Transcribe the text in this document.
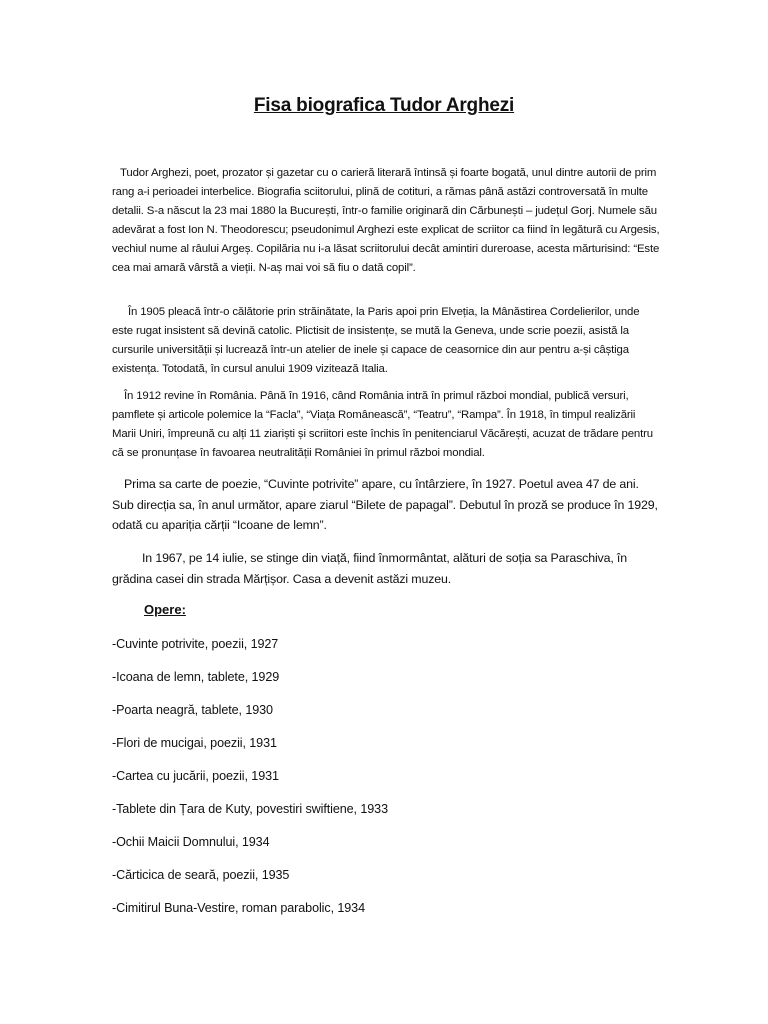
Fisa biografica Tudor Arghezi

Tudor Arghezi, poet, prozator și gazetar cu o carieră literară întinsă și foarte bogată, unul dintre autorii de prim rang a-i perioadei interbelice. Biografia sciitorului, plină de cotituri, a rămas până astăzi controversată în multe detalii. S-a născut la 23 mai 1880 la București, într-o familie originară din Cărbunești – județul Gorj. Numele său adevărat a fost Ion N. Theodorescu; pseudonimul Arghezi este explicat de scriitor ca fiind în legătură cu Argesis, vechiul nume al râului Argeș. Copilăria nu i-a lăsat scriitorului decât amintiri dureroase, acesta mărturisind: “Este cea mai amară vârstă a vieții. N-aș mai voi să fiu o dată copil”.

În 1905 pleacă într-o călătorie prin străinătate, la Paris apoi prin Elveția, la Mânăstirea Cordelierilor, unde este rugat insistent să devină catolic. Plictisit de insistențe, se mută la Geneva, unde scrie poezii, asistă la cursurile universității și lucrează într-un atelier de inele și capace de ceasornice din aur pentru a-și câștiga existența. Totodată, în cursul anului 1909 vizitează Italia.

În 1912 revine în România. Până în 1916, când România intră în primul război mondial, publică versuri, pamflete și articole polemice la “Facla”, “Viața Românească”, “Teatru”, “Rampa”. În 1918, în timpul realizării Marii Uniri, împreună cu alți 11 ziariști și scriitori este închis în penitenciarul Văcărești, acuzat de trădare pentru că se pronunțase în favoarea neutralității României în primul război mondial.

Prima sa carte de poezie, “Cuvinte potrivite” apare, cu întârziere, în 1927. Poetul avea 47 de ani. Sub direcția sa, în anul următor, apare ziarul “Bilete de papagal”. Debutul în proză se produce în 1929, odată cu apariția cărții “Icoane de lemn”.

In 1967, pe 14 iulie, se stinge din viață, fiind înmormântat, alături de soția sa Paraschiva, în grădina casei din strada Mărțișor. Casa a devenit astăzi muzeu.

Opere:
-Cuvinte potrivite, poezii, 1927
-Icoana de lemn, tablete, 1929
-Poarta neagră, tablete, 1930
-Flori de mucigai, poezii, 1931
-Cartea cu jucării, poezii, 1931
-Tablete din Țara de Kuty, povestiri swiftiene, 1933
-Ochii Maicii Domnului, 1934
-Cărticica de seară, poezii, 1935
-Cimitirul Buna-Vestire, roman parabolic, 1934
